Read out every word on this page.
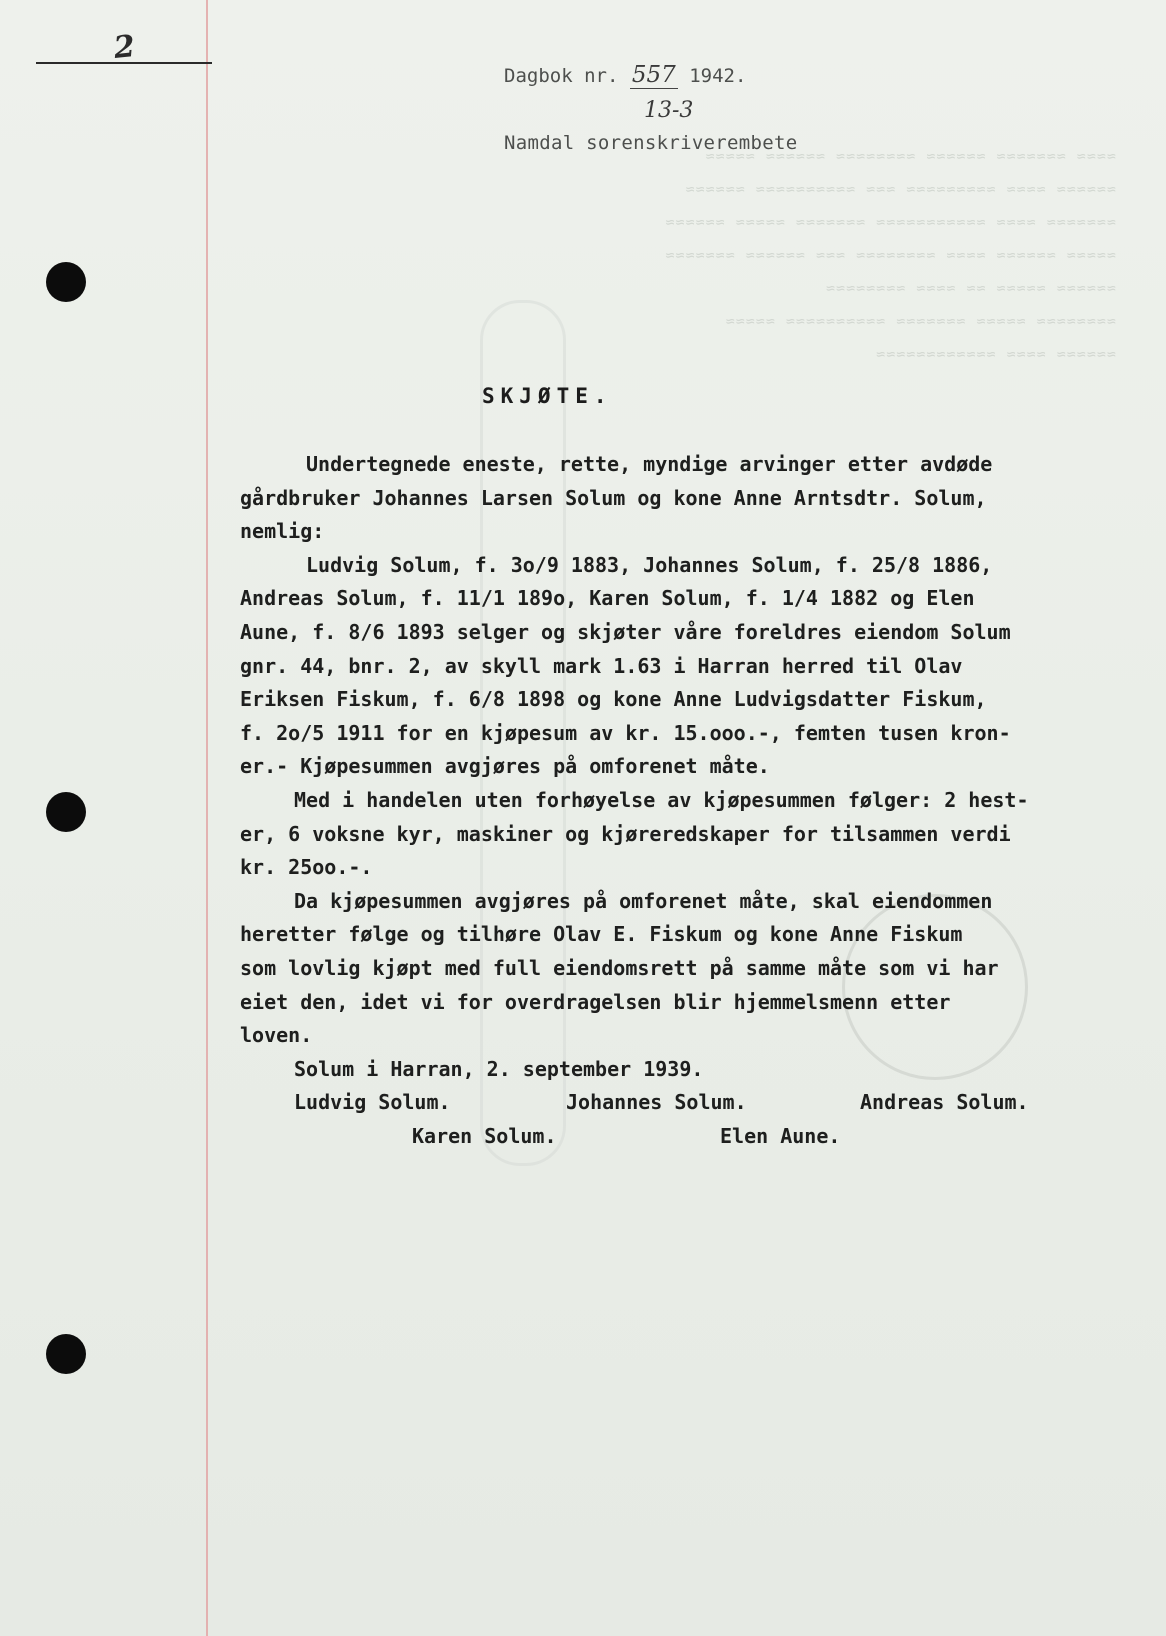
2
≈≈≈≈ ≈≈≈≈≈≈≈ ≈≈≈≈≈≈ ≈≈≈≈≈≈≈≈ ≈≈≈≈≈≈ ≈≈≈≈≈
≈≈≈≈≈≈ ≈≈≈≈ ≈≈≈≈≈≈≈≈≈ ≈≈≈ ≈≈≈≈≈≈≈≈≈≈ ≈≈≈≈≈≈
≈≈≈≈≈≈≈ ≈≈≈≈ ≈≈≈≈≈≈≈≈≈≈≈ ≈≈≈≈≈≈≈ ≈≈≈≈≈ ≈≈≈≈≈≈
≈≈≈≈≈ ≈≈≈≈≈≈ ≈≈≈≈ ≈≈≈≈≈≈≈≈ ≈≈≈ ≈≈≈≈≈≈ ≈≈≈≈≈≈≈
≈≈≈≈≈≈ ≈≈≈≈≈ ≈≈ ≈≈≈≈ ≈≈≈≈≈≈≈≈
≈≈≈≈≈≈≈≈ ≈≈≈≈≈ ≈≈≈≈≈≈≈ ≈≈≈≈≈≈≈≈≈≈ ≈≈≈≈≈
≈≈≈≈≈≈ ≈≈≈≈ ≈≈≈≈≈≈≈≈≈≈≈≈
Dagbok nr. 557 1942.
13-3
Namdal sorenskriverembete
SKJØTE.
Undertegnede eneste, rette, myndige arvinger etter avdøde
gårdbruker Johannes Larsen Solum og kone Anne Arntsdtr. Solum,
nemlig:
Ludvig Solum, f. 3o/9 1883, Johannes Solum, f. 25/8 1886,
Andreas Solum, f. 11/1 189o, Karen Solum, f. 1/4 1882 og Elen
Aune, f. 8/6 1893 selger og skjøter våre foreldres eiendom Solum
gnr. 44, bnr. 2, av skyll mark 1.63 i Harran herred til Olav
Eriksen Fiskum, f. 6/8 1898 og kone Anne Ludvigsdatter Fiskum,
f. 2o/5 1911 for en kjøpesum av kr. 15.ooo.-, femten tusen kron-
er.- Kjøpesummen avgjøres på omforenet måte.
Med i handelen uten forhøyelse av kjøpesummen følger: 2 hest-
er, 6 voksne kyr, maskiner og kjøreredskaper for tilsammen verdi
kr. 25oo.-.
Da kjøpesummen avgjøres på omforenet måte, skal eiendommen
heretter følge og tilhøre Olav E. Fiskum og kone Anne Fiskum
som lovlig kjøpt med full eiendomsrett på samme måte som vi har
eiet den, idet vi for overdragelsen blir hjemmelsmenn etter
loven.
Solum i Harran, 2. september 1939.
Ludvig Solum.	Johannes Solum.	Andreas Solum.
Karen Solum.	Elen Aune.
